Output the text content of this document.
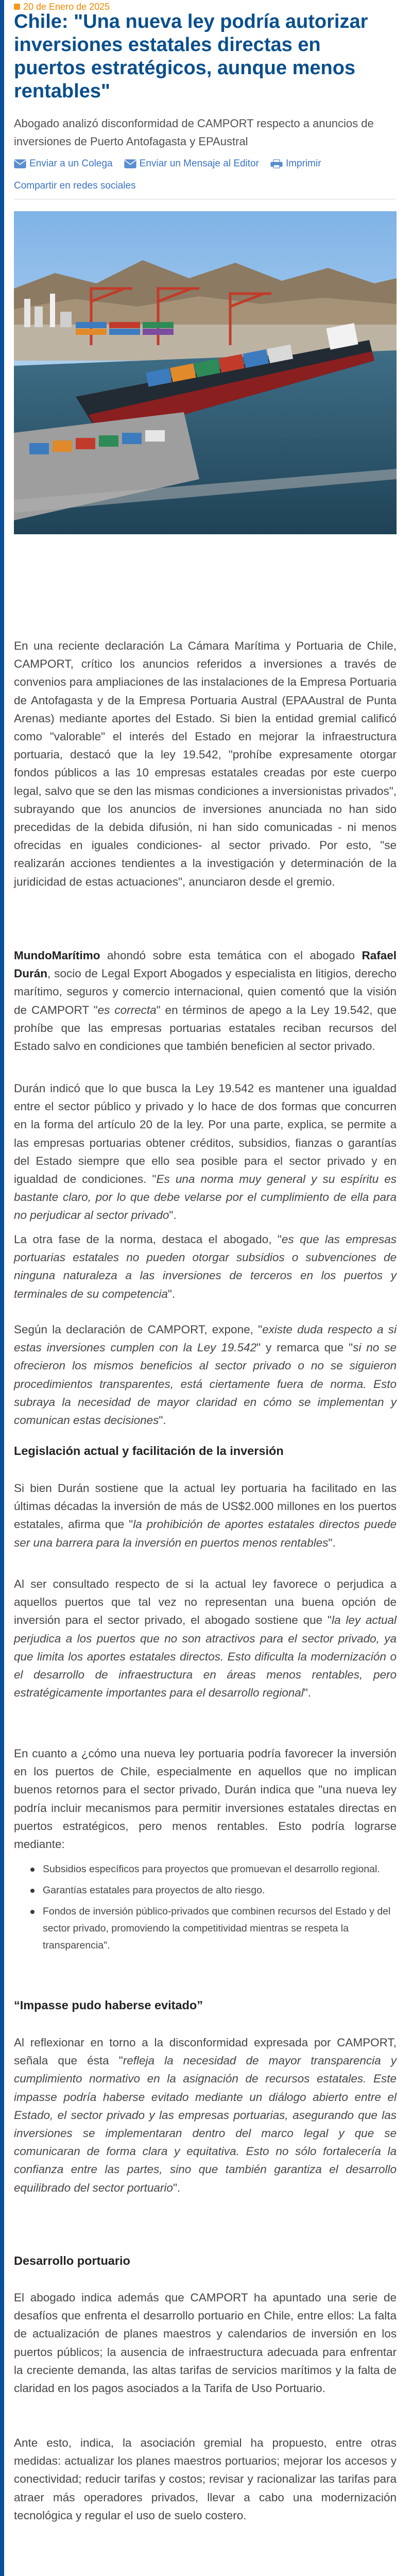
20 de Enero de 2025
Chile: "Una nueva ley podría autorizar inversiones estatales directas en puertos estratégicos, aunque menos rentables"

Abogado analizó disconformidad de CAMPORT respecto a anuncios de inversiones de Puerto Antofagasta y EPAustral

Enviar a un Colega	Enviar un Mensaje al Editor	Imprimir
Compartir en redes sociales

En una reciente declaración La Cámara Marítima y Portuaria de Chile, CAMPORT, crítico los anuncios referidos a inversiones a través de convenios para ampliaciones de las instalaciones de la Empresa Portuaria de Antofagasta y de la Empresa Portuaria Austral (EPAAustral de Punta Arenas) mediante aportes del Estado. Si bien la entidad gremial calificó como "valorable" el interés del Estado en mejorar la infraestructura portuaria, destacó que la ley 19.542, "prohíbe expresamente otorgar fondos públicos a las 10 empresas estatales creadas por este cuerpo legal, salvo que se den las mismas condiciones a inversionistas privados", subrayando que los anuncios de inversiones anunciada no han sido precedidas de la debida difusión, ni han sido comunicadas - ni menos ofrecidas en iguales condiciones- al sector privado. Por esto, "se realizarán acciones tendientes a la investigación y determinación de la juridicidad de estas actuaciones", anunciaron desde el gremio.

MundoMarítimo ahondó sobre esta temática con el abogado Rafael Durán, socio de Legal Export Abogados y especialista en litigios, derecho marítimo, seguros y comercio internacional, quien comentó que la visión de CAMPORT "es correcta" en términos de apego a la Ley 19.542, que prohíbe que las empresas portuarias estatales reciban recursos del Estado salvo en condiciones que también beneficien al sector privado.

Durán indicó que lo que busca la Ley 19.542 es mantener una igualdad entre el sector público y privado y lo hace de dos formas que concurren en la forma del artículo 20 de la ley. Por una parte, explica, se permite a las empresas portuarias obtener créditos, subsidios, fianzas o garantías del Estado siempre que ello sea posible para el sector privado y en igualdad de condiciones. "Es una norma muy general y su espíritu es bastante claro, por lo que debe velarse por el cumplimiento de ella para no perjudicar al sector privado".

La otra fase de la norma, destaca el abogado, "es que las empresas portuarias estatales no pueden otorgar subsidios o subvenciones de ninguna naturaleza a las inversiones de terceros en los puertos y terminales de su competencia".

Según la declaración de CAMPORT, expone, "existe duda respecto a si estas inversiones cumplen con la Ley 19.542" y remarca que "si no se ofrecieron los mismos beneficios al sector privado o no se siguieron procedimientos transparentes, está ciertamente fuera de norma. Esto subraya la necesidad de mayor claridad en cómo se implementan y comunican estas decisiones".

Legislación actual y facilitación de la inversión

Si bien Durán sostiene que la actual ley portuaria ha facilitado en las últimas décadas la inversión de más de US$2.000 millones en los puertos estatales, afirma que "la prohibición de aportes estatales directos puede ser una barrera para la inversión en puertos menos rentables".

Al ser consultado respecto de si la actual ley favorece o perjudica a aquellos puertos que tal vez no representan una buena opción de inversión para el sector privado, el abogado sostiene que "la ley actual perjudica a los puertos que no son atractivos para el sector privado, ya que limita los aportes estatales directos. Esto dificulta la modernización o el desarrollo de infraestructura en áreas menos rentables, pero estratégicamente importantes para el desarrollo regional".

En cuanto a ¿cómo una nueva ley portuaria podría favorecer la inversión en los puertos de Chile, especialmente en aquellos que no implican buenos retornos para el sector privado, Durán indica que "una nueva ley podría incluir mecanismos para permitir inversiones estatales directas en puertos estratégicos, pero menos rentables. Esto podría lograrse mediante:

Subsidios específicos para proyectos que promuevan el desarrollo regional.
Garantías estatales para proyectos de alto riesgo.
Fondos de inversión público-privados que combinen recursos del Estado y del sector privado, promoviendo la competitividad mientras se respeta la transparencia".
“Impasse pudo haberse evitado”

Al reflexionar en torno a la disconformidad expresada por CAMPORT, señala que ésta "refleja la necesidad de mayor transparencia y cumplimiento normativo en la asignación de recursos estatales. Este impasse podría haberse evitado mediante un diálogo abierto entre el Estado, el sector privado y las empresas portuarias, asegurando que las inversiones se implementaran dentro del marco legal y que se comunicaran de forma clara y equitativa. Esto no sólo fortalecería la confianza entre las partes, sino que también garantiza el desarrollo equilibrado del sector portuario".

Desarrollo portuario

El abogado indica además que CAMPORT ha apuntado una serie de desafíos que enfrenta el desarrollo portuario en Chile, entre ellos: La falta de actualización de planes maestros y calendarios de inversión en los puertos públicos; la ausencia de infraestructura adecuada para enfrentar la creciente demanda, las altas tarifas de servicios marítimos y la falta de claridad en los pagos asociados a la Tarifa de Uso Portuario.

Ante esto, indica, la asociación gremial ha propuesto, entre otras medidas: actualizar los planes maestros portuarios; mejorar los accesos y conectividad; reducir tarifas y costos; revisar y racionalizar las tarifas para atraer más operadores privados, llevar a cabo una modernización tecnológica y regular el uso de suelo costero.
